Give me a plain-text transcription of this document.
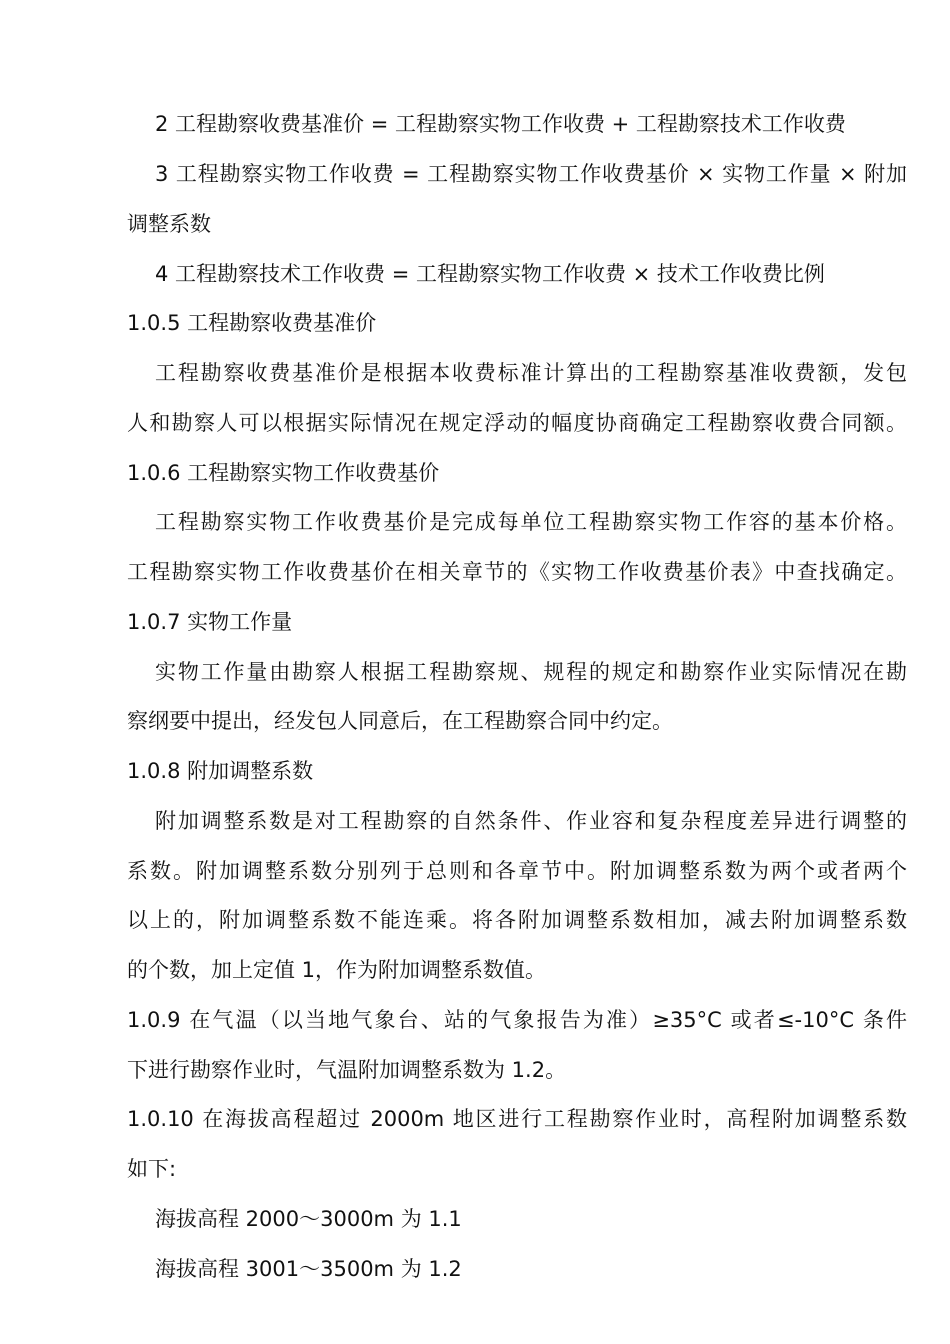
2 工程勘察收费基准价 = 工程勘察实物工作收费 + 工程勘察技术工作收费
3 工程勘察实物工作收费 = 工程勘察实物工作收费基价 × 实物工作量 × 附加
调整系数
4 工程勘察技术工作收费 = 工程勘察实物工作收费 × 技术工作收费比例
1.0.5 工程勘察收费基准价
工程勘察收费基准价是根据本收费标准计算出的工程勘察基准收费额，发包
人和勘察人可以根据实际情况在规定浮动的幅度协商确定工程勘察收费合同额。
1.0.6 工程勘察实物工作收费基价
工程勘察实物工作收费基价是完成每单位工程勘察实物工作容的基本价格。
工程勘察实物工作收费基价在相关章节的《实物工作收费基价表》中查找确定。
1.0.7 实物工作量
实物工作量由勘察人根据工程勘察规、规程的规定和勘察作业实际情况在勘
察纲要中提出，经发包人同意后，在工程勘察合同中约定。
1.0.8 附加调整系数
附加调整系数是对工程勘察的自然条件、作业容和复杂程度差异进行调整的
系数。附加调整系数分别列于总则和各章节中。附加调整系数为两个或者两个
以上的，附加调整系数不能连乘。将各附加调整系数相加，减去附加调整系数
的个数，加上定值 1，作为附加调整系数值。
1.0.9 在气温（以当地气象台、站的气象报告为准）≥35°C 或者≤-10°C 条件
下进行勘察作业时，气温附加调整系数为 1.2。
1.0.10 在海拔高程超过 2000m 地区进行工程勘察作业时，高程附加调整系数
如下:
海拔高程 2000～3000m 为 1.1
海拔高程 3001～3500m 为 1.2
